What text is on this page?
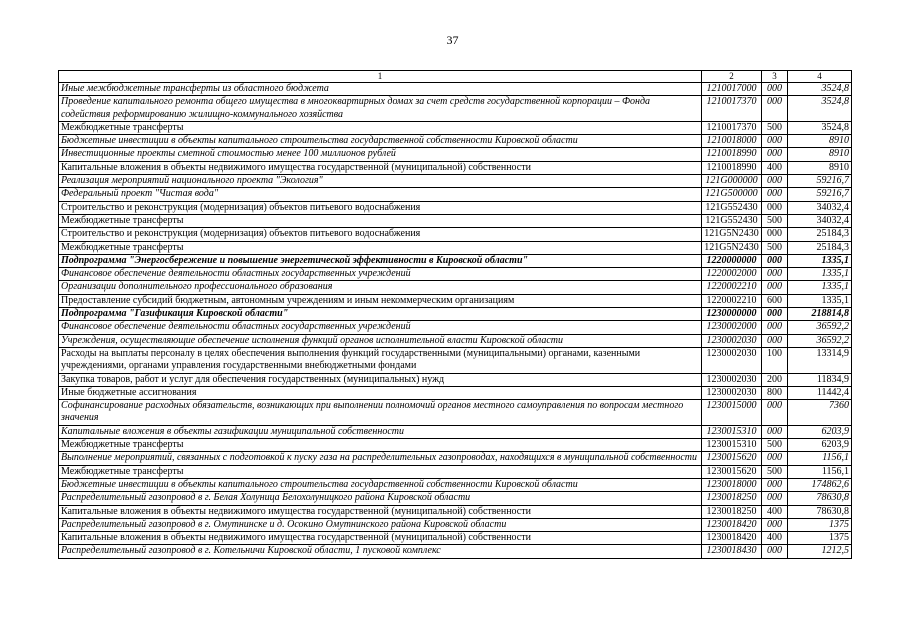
37
1	2	3	4
Иные межбюджетные трансферты из областного бюджета	1210017000	000	3524,8
Проведение капитального ремонта общего имущества в многоквартирных домах за счет средств государственной корпорации – Фонда содействия реформированию жилищно-коммунального хозяйства	1210017370	000	3524,8
Межбюджетные трансферты	1210017370	500	3524,8
Бюджетные инвестиции в объекты капитального строительства государственной собственности Кировской области	1210018000	000	8910
Инвестиционные проекты сметной стоимостью менее 100 миллионов рублей	1210018990	000	8910
Капитальные вложения в объекты недвижимого имущества государственной (муниципальной) собственности	1210018990	400	8910
Реализация мероприятий национального проекта "Экология"	121G000000	000	59216,7
Федеральный проект "Чистая вода"	121G500000	000	59216,7
Строительство и реконструкция (модернизация) объектов питьевого водоснабжения	121G552430	000	34032,4
Межбюджетные трансферты	121G552430	500	34032,4
Строительство и реконструкция (модернизация) объектов питьевого водоснабжения	121G5N2430	000	25184,3
Межбюджетные трансферты	121G5N2430	500	25184,3
Подпрограмма "Энергосбережение и повышение энергетической эффективности в Кировской области"	1220000000	000	1335,1
Финансовое обеспечение деятельности областных государственных учреждений	1220002000	000	1335,1
Организации дополнительного профессионального образования	1220002210	000	1335,1
Предоставление субсидий бюджетным, автономным учреждениям и иным некоммерческим организациям	1220002210	600	1335,1
Подпрограмма "Газификация Кировской области"	1230000000	000	218814,8
Финансовое обеспечение деятельности областных государственных учреждений	1230002000	000	36592,2
Учреждения, осуществляющие обеспечение исполнения функций органов исполнительной власти Кировской области	1230002030	000	36592,2
Расходы на выплаты персоналу в целях обеспечения выполнения функций государственными (муниципальными) органами, казенными учреждениями, органами управления государственными внебюджетными фондами	1230002030	100	13314,9
Закупка товаров, работ и услуг для обеспечения государственных (муниципальных) нужд	1230002030	200	11834,9
Иные бюджетные ассигнования	1230002030	800	11442,4
Софинансирование расходных обязательств, возникающих при выполнении полномочий органов местного самоуправления по вопросам местного значения	1230015000	000	7360
Капитальные вложения в объекты газификации муниципальной собственности	1230015310	000	6203,9
Межбюджетные трансферты	1230015310	500	6203,9
Выполнение мероприятий, связанных с подготовкой к пуску газа на распределительных газопроводах, находящихся в муниципальной собственности	1230015620	000	1156,1
Межбюджетные трансферты	1230015620	500	1156,1
Бюджетные инвестиции в объекты капитального строительства государственной собственности Кировской области	1230018000	000	174862,6
Распределительный газопровод в г. Белая Холуница Белохолуницкого района Кировской области	1230018250	000	78630,8
Капитальные вложения в объекты недвижимого имущества государственной (муниципальной) собственности	1230018250	400	78630,8
Распределительный газопровод в г. Омутнинске и д. Осокино Омутнинского района Кировской области	1230018420	000	1375
Капитальные вложения в объекты недвижимого имущества государственной (муниципальной) собственности	1230018420	400	1375
Распределительный газопровод в г. Котельничи Кировской области, 1 пусковой комплекс	1230018430	000	1212,5
